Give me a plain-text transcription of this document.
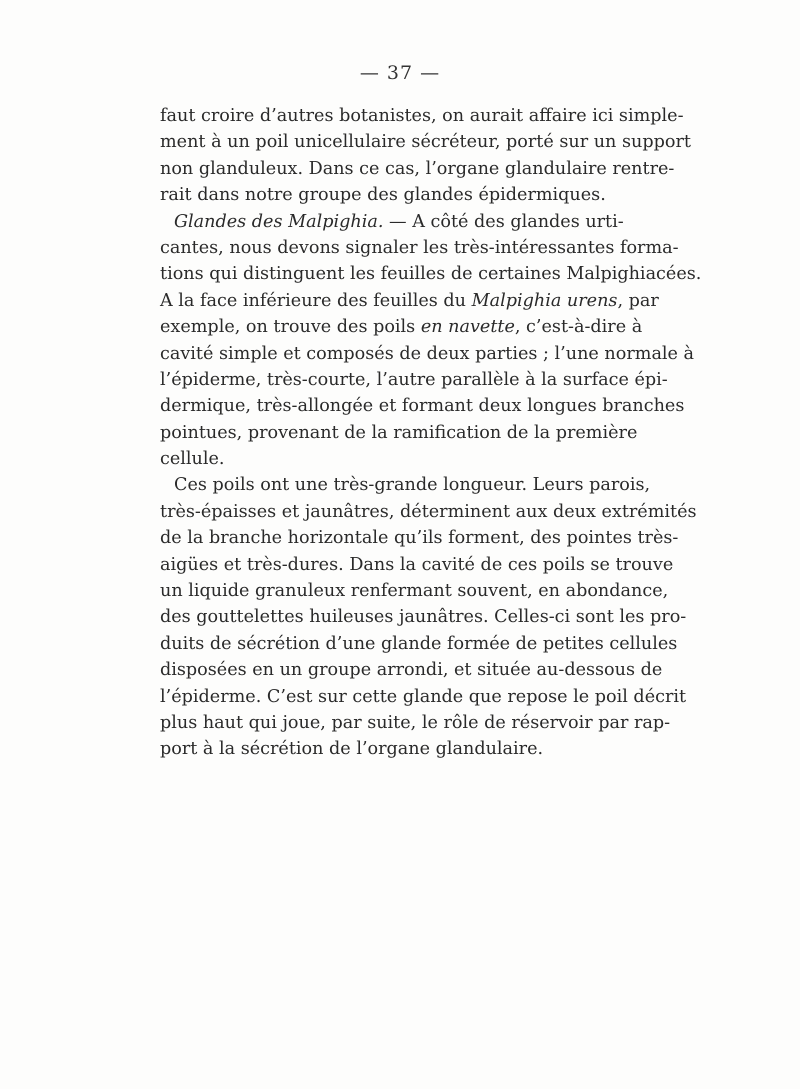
— 37 —
faut croire d’autres botanistes, on aurait affaire ici simple-
ment à un poil unicellulaire sécréteur, porté sur un support
non glanduleux. Dans ce cas, l’organe glandulaire rentre-
rait dans notre groupe des glandes épidermiques.
Glandes des Malpighia. — A côté des glandes urti-
cantes, nous devons signaler les très-intéressantes forma-
tions qui distinguent les feuilles de certaines Malpighiacées.
A la face inférieure des feuilles du Malpighia urens, par
exemple, on trouve des poils en navette, c’est-à-dire à
cavité simple et composés de deux parties ; l’une normale à
l’épiderme, très-courte, l’autre parallèle à la surface épi-
dermique, très-allongée et formant deux longues branches
pointues, provenant de la ramification de la première
cellule.
Ces poils ont une très-grande longueur. Leurs parois,
très-épaisses et jaunâtres, déterminent aux deux extrémités
de la branche horizontale qu’ils forment, des pointes très-
aigües et très-dures. Dans la cavité de ces poils se trouve
un liquide granuleux renfermant souvent, en abondance,
des gouttelettes huileuses jaunâtres. Celles-ci sont les pro-
duits de sécrétion d’une glande formée de petites cellules
disposées en un groupe arrondi, et située au-dessous de
l’épiderme. C’est sur cette glande que repose le poil décrit
plus haut qui joue, par suite, le rôle de réservoir par rap-
port à la sécrétion de l’organe glandulaire.
